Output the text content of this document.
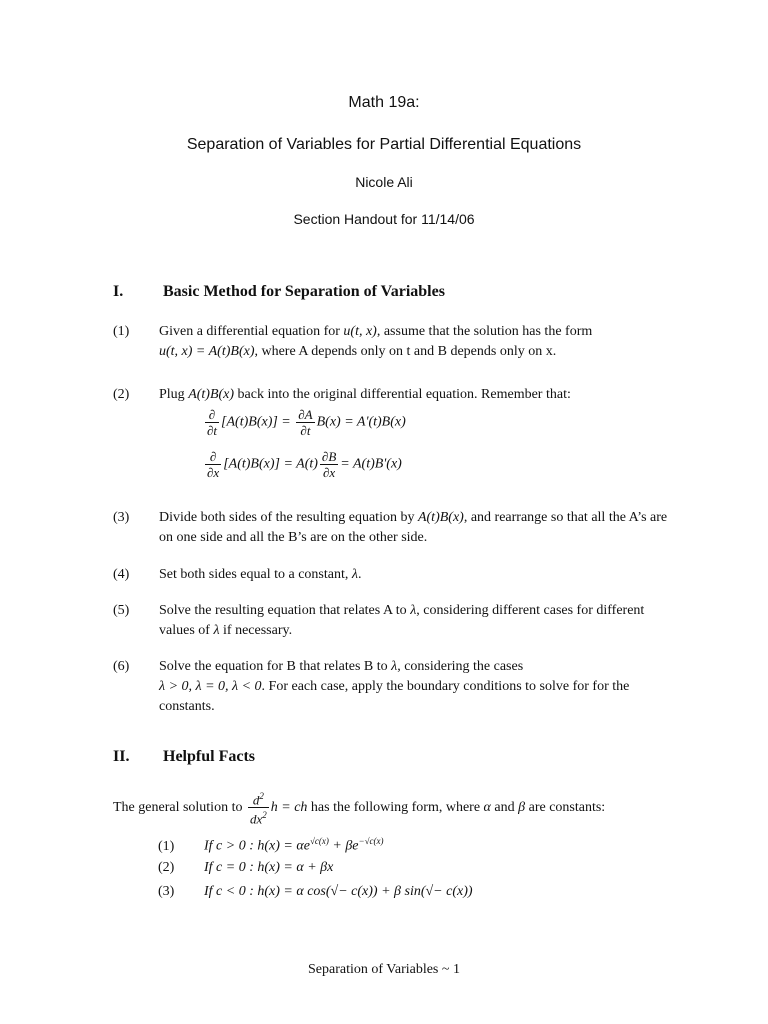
Math 19a:
Separation of Variables for Partial Differential Equations
Nicole Ali
Section Handout for 11/14/06
I. Basic Method for Separation of Variables
(1) Given a differential equation for u(t, x), assume that the solution has the form
u(t, x) = A(t)B(x), where A depends only on t and B depends only on x.
(2) Plug A(t)B(x) back into the original differential equation. Remember that:
$\frac{\partial}{\partial t} [A(t)B(x)] = \frac{\partial A}{\partial t} B(x) = A'(t)B(x)$
$\frac{\partial}{\partial x} [A(t)B(x)] = A(t) \frac{\partial B}{\partial x} = A(t)B'(x)$
(3) Divide both sides of the resulting equation by A(t)B(x), and rearrange so that all the A’s are on one side and all the B’s are on the other side.
(4) Set both sides equal to a constant, λ.
(5) Solve the resulting equation that relates A to λ, considering different cases for different values of λ if necessary.
(6) Solve the equation for B that relates B to λ, considering the cases
λ > 0, λ = 0, λ < 0. For each case, apply the boundary conditions to solve for for the constants.
II. Helpful Facts
The general solution to $\frac{d^2}{dx^2}$ h = ch has the following form, where α and β are constants:
(1) If c > 0 : $h(x) = \alpha e^{√c(x)} + \beta e^{-√c(x)}$
(2) If c = 0 : h(x) = α + βx
(3) If c < 0 : h(x) = α cos(√− c(x)) + β sin(√− c(x))
Separation of Variables ~ 1
